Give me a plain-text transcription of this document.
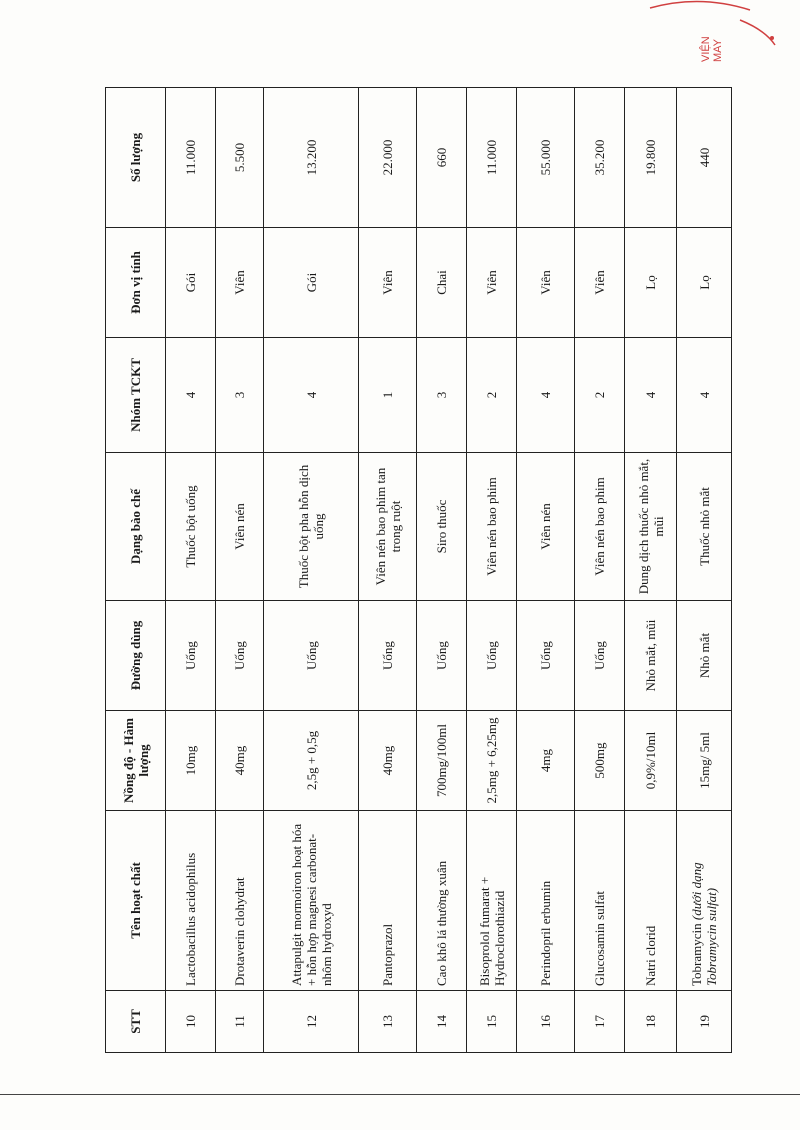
VIỆN
MAY
STT	Tên hoạt chất	Nồng độ - Hàm lượng	Đường dùng	Dạng bào chế	Nhóm TCKT	Đơn vị tính	Số lượng
10	Lactobacillus acidophilus	10mg	Uống	Thuốc bột uống	4	Gói	11.000
11	Drotaverin clohydrat	40mg	Uống	Viên nén	3	Viên	5.500
12	Attapulgit mormoiron hoạt hóa + hỗn hợp magnesi carbonat-nhôm hydroxyd	2,5g + 0,5g	Uống	Thuốc bột pha hỗn dịch uống	4	Gói	13.200
13	Pantoprazol	40mg	Uống	Viên nén bao phim tan trong ruột	1	Viên	22.000
14	Cao khô lá thường xuân	700mg/100ml	Uống	Siro thuốc	3	Chai	660
15	Bisoprolol fumarat + Hydroclorothiazid	2,5mg + 6,25mg	Uống	Viên nén bao phim	2	Viên	11.000
16	Perindopril erbumin	4mg	Uống	Viên nén	4	Viên	55.000
17	Glucosamin sulfat	500mg	Uống	Viên nén bao phim	2	Viên	35.200
18	Natri clorid	0,9%/10ml	Nhỏ mắt, mũi	Dung dịch thuốc nhỏ mắt, mũi	4	Lọ	19.800
19	Tobramycin (dưới dạng Tobramycin sulfat)	15mg/ 5ml	Nhỏ mắt	Thuốc nhỏ mắt	4	Lọ	440
